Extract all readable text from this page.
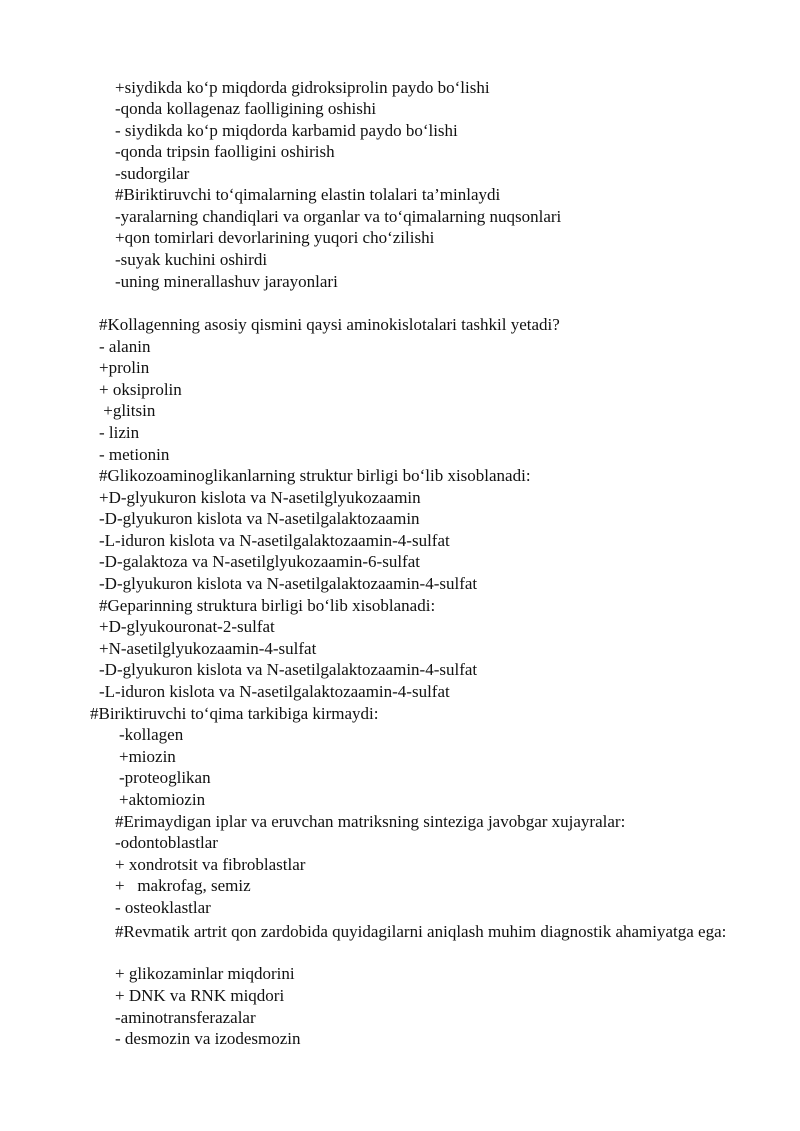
+siydikda ko‘p miqdorda gidroksiprolin paydo bo‘lishi
-qonda kollagenaz faolligining oshishi
- siydikda ko‘p miqdorda karbamid paydo bo‘lishi
-qonda tripsin faolligini oshirish
-sudorgilar
#Biriktiruvchi to‘qimalarning elastin tolalari ta’minlaydi
-yaralarning chandiqlari va organlar va to‘qimalarning nuqsonlari
+qon tomirlari devorlarining yuqori cho‘zilishi
-suyak kuchini oshirdi
-uning minerallashuv jarayonlari
#Kollagenning asosiy qismini qaysi aminokislotalari tashkil yetadi?
- alanin
+prolin
+ oksiprolin
+glitsin
- lizin
- metionin
#Glikozoaminoglikanlarning struktur birligi bo‘lib xisoblanadi:
+D-glyukuron kislota va N-asetilglyukozaamin
-D-glyukuron kislota va N-asetilgalaktozaamin
-L-iduron kislota va N-asetilgalaktozaamin-4-sulfat
-D-galaktoza va N-asetilglyukozaamin-6-sulfat
-D-glyukuron kislota va N-asetilgalaktozaamin-4-sulfat
#Geparinning struktura birligi bo‘lib xisoblanadi:
+D-glyukouronat-2-sulfat
+N-asetilglyukozaamin-4-sulfat
-D-glyukuron kislota va N-asetilgalaktozaamin-4-sulfat
-L-iduron kislota va N-asetilgalaktozaamin-4-sulfat
#Biriktiruvchi to‘qima tarkibiga kirmaydi:
-kollagen
+miozin
-proteoglikan
+aktomiozin
#Erimaydigan iplar va eruvchan matriksning sinteziga javobgar xujayralar:
-odontoblastlar
+ xondrotsit va fibroblastlar
+   makrofag, semiz
- osteoklastlar
#Revmatik artrit qon zardobida quyidagilarni aniqlash muhim diagnostik ahamiyatga ega:
+ glikozaminlar miqdorini
+ DNK va RNK miqdori
-aminotransferazalar
- desmozin va izodesmozin
